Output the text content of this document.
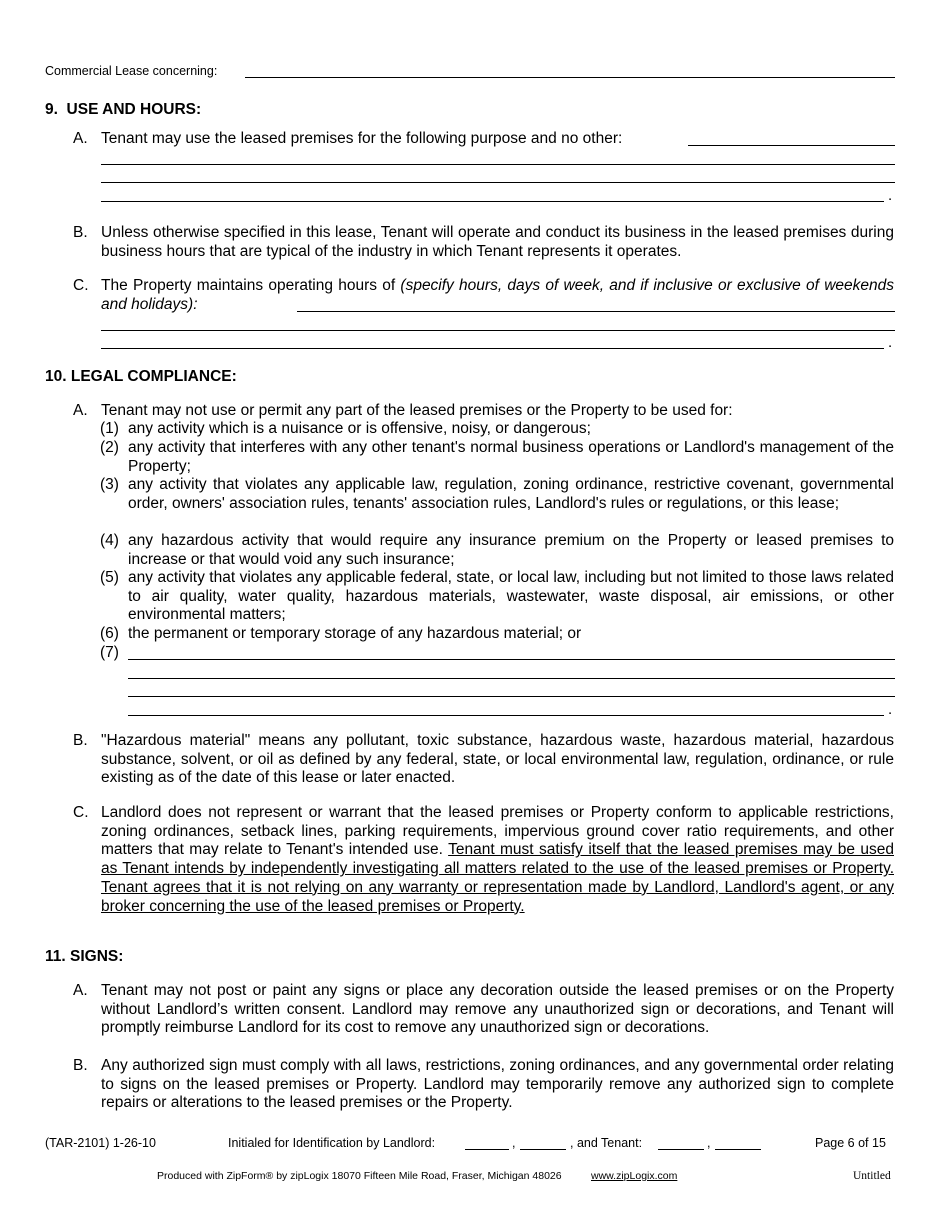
Commercial Lease concerning:
9.  USE AND HOURS:
A. Tenant may use the leased premises for the following purpose and no other:
.
B. Unless otherwise specified in this lease, Tenant will operate and conduct its business in the leased premises during business hours that are typical of the industry in which Tenant represents it operates.
C. The Property maintains operating hours of (specify hours, days of week, and if inclusive or exclusive of weekends and holidays):
.
10. LEGAL COMPLIANCE:
A. Tenant may not use or permit any part of the leased premises or the Property to be used for:
(1) any activity which is a nuisance or is offensive, noisy, or dangerous;
(2) any activity that interferes with any other tenant's normal business operations or Landlord's management of the Property;
(3) any activity that violates any applicable law, regulation, zoning ordinance, restrictive covenant, governmental order, owners' association rules, tenants' association rules, Landlord's rules or regulations, or this lease;
(4) any hazardous activity that would require any insurance premium on the Property or leased premises to increase or that would void any such insurance;
(5) any activity that violates any applicable federal, state, or local law, including but not limited to those laws related to air quality, water quality, hazardous materials, wastewater, waste disposal, air emissions, or other environmental matters;
(6) the permanent or temporary storage of any hazardous material; or
(7)
.
B. "Hazardous material" means any pollutant, toxic substance, hazardous waste, hazardous material, hazardous substance, solvent, or oil as defined by any federal, state, or local environmental law, regulation, ordinance, or rule existing as of the date of this lease or later enacted.
C. Landlord does not represent or warrant that the leased premises or Property conform to applicable restrictions, zoning ordinances, setback lines, parking requirements, impervious ground cover ratio requirements, and other matters that may relate to Tenant's intended use. Tenant must satisfy itself that the leased premises may be used as Tenant intends by independently investigating all matters related to the use of the leased premises or Property. Tenant agrees that it is not relying on any warranty or representation made by Landlord, Landlord's agent, or any broker concerning the use of the leased premises or Property.
11. SIGNS:
A. Tenant may not post or paint any signs or place any decoration outside the leased premises or on the Property without Landlord’s written consent. Landlord may remove any unauthorized sign or decorations, and Tenant will promptly reimburse Landlord for its cost to remove any unauthorized sign or decorations.
B. Any authorized sign must comply with all laws, restrictions, zoning ordinances, and any governmental order relating to signs on the leased premises or Property. Landlord may temporarily remove any authorized sign to complete repairs or alterations to the leased premises or the Property.
(TAR-2101) 1-26-10	Initialed for Identification by Landlord:	,	, and Tenant:	,	Page 6 of 15
Produced with ZipForm® by zipLogix 18070 Fifteen Mile Road, Fraser, Michigan 48026	www.zipLogix.com	Untitled
